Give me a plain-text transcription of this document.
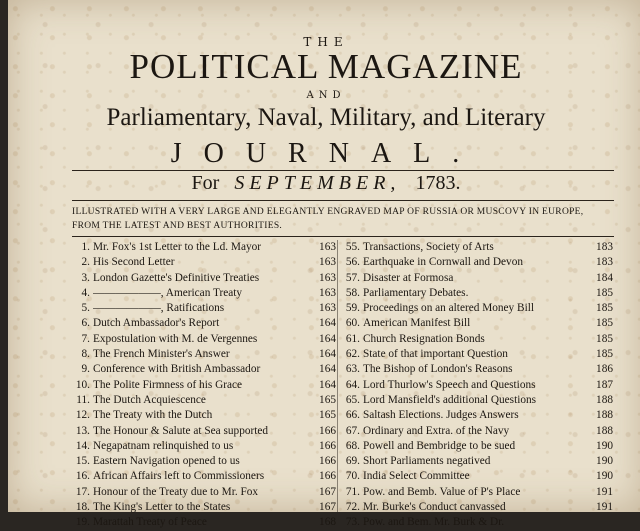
THE
POLITICAL MAGAZINE
AND
Parliamentary, Naval, Military, and Literary
JOURNAL.
For SEPTEMBER, 1783.
ILLUSTRATED WITH A VERY LARGE AND ELEGANTLY ENGRAVED MAP OF RUSSIA OR MUSCOVY IN EUROPE, FROM THE LATEST AND BEST AUTHORITIES.
1. Mr. Fox's 1st Letter to the Ld. Mayor	163
2. His Second Letter	163
3. London Gazette's Definitive Treaties	163
4. ——————, American Treaty	163
5. ——————, Ratifications	163
6. Dutch Ambassador's Report	164
7. Expostulation with M. de Vergennes	164
8. The French Minister's Answer	164
9. Conference with British Ambassador	164
10. The Polite Firmness of his Grace	164
11. The Dutch Acquiescence	165
12. The Treaty with the Dutch	165
13. The Honour & Salute at Sea supported	166
14. Negapatnam relinquished to us	166
15. Eastern Navigation opened to us	166
16. African Affairs left to Commissioners	166
17. Honour of the Treaty due to Mr. Fox	167
18. The King's Letter to the States	167
19. Marattah Treaty of Peace	168
55. Transactions, Society of Arts	183
56. Earthquake in Cornwall and Devon	183
57. Disaster at Formosa	184
58. Parliamentary Debates.	185
59. Proceedings on an altered Money Bill	185
60. American Manifest Bill	185
61. Church Resignation Bonds	185
62. State of that important Question	185
63. The Bishop of London's Reasons	186
64. Lord Thurlow's Speech and Questions	187
65. Lord Mansfield's additional Questions	188
66. Saltash Elections. Judges Answers	188
67. Ordinary and Extra. of the Navy	188
68. Powell and Bembridge to be sued	190
69. Short Parliaments negatived	190
70. India Select Committee	190
71. Pow. and Bemb. Value of P's Place	191
72. Mr. Burke's Conduct canvassed	191
73. Pow. and Bem. Mr. Burk & Dr.
